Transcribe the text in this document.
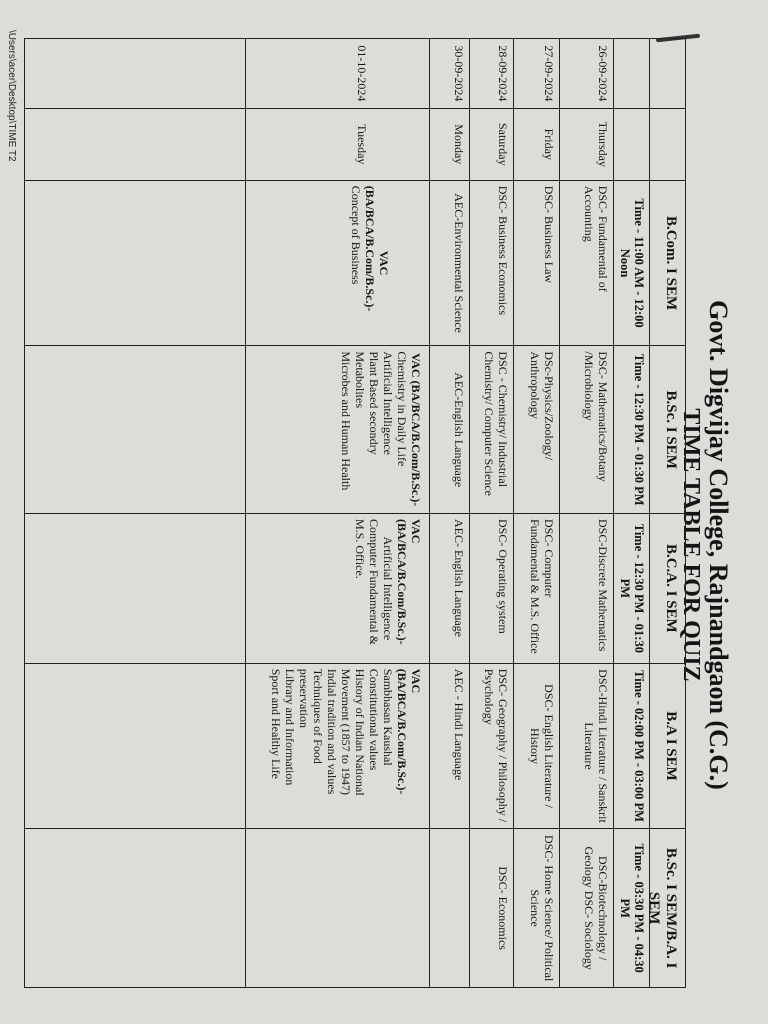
\Users\acer\Desktop\TIME T2
Govt. Digvijay College, Rajnandgaon (C.G.)
TIME TABLE FOR QUIZ
B.Com. I SEM
B.Sc. I SEM
B.C.A. I SEM
B.A I SEM
B.Sc. I SEM/B.A. I SEM
Time - 11:00 AM - 12:00 Noon
Time - 12:30 PM - 01:30 PM
Time - 12:30 PM - 01:30 PM
Time - 02:00 PM - 03:00 PM
Time - 03:30 PM - 04:30 PM
26-09-2024
Thursday
DSC- Fundamental of Accounting
DSC- Mathematics/Botany /Microbiology
DSC-Discrete Mathematics
DSC-Hindi Literature / Sanskrit Literature
DSC-Biotechnology / Geology DSC- Sociology
27-09-2024
Friday
DSC- Business Law
DSc-Physics/Zoology/ Anthropology
DSC- Computer Fundamental & M.S. Office
DSC- English Literature / History
DSC- Home Science/ Political Science
28-09-2024
Saturday
DSC- Business Economics
DSC - Chemistry/ Industrial Chemistry/ Computer Science
DSC- Operating system
DSC- Geography / Philosophy / Psychology
DSC- Economics
30-09-2024
Monday
AEC-Environmental Science
AEC-English Language
AEC- English Language
AEC - Hindi Language
01-10-2024
Tuesday
VAC
(BA/BCA/B.Com/B.Sc.)-
Concept of Business
VAC (BA/BCA/B.Com/B.Sc.)-
Chemistry in Daily Life
Artificial Intelligence
Plant Based secondry
Metabolites
Microbes and Human Health
VAC
(BA/BCA/B.Com/B.Sc.)-
Artificial Intelligence
Computer Fundamental &
M.S. Office.
VAC
(BA/BCA/B.Com/B.Sc.)-
Sambhasan Kaushal
Constitutional values
History of Indian National
Movement (1857 to 1947)
Indial tradition and values
Techniques of Food
preservation
Library and Information
Sport and Healthy Life
